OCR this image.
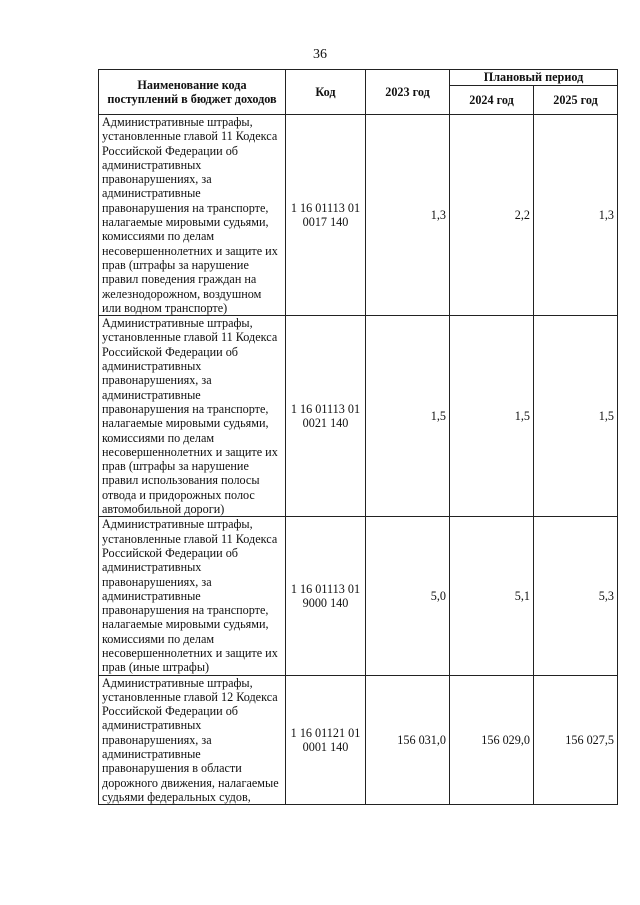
36
Наименование кода поступлений в бюджет доходов	Код	2023 год	Плановый период	
			2024 год	2025 год
Административные штрафы, установленные главой 11 Кодекса Российской Федерации об административных правонарушениях, за административные правонарушения на транспорте, налагаемые мировыми судьями, комиссиями по делам несовершеннолетних и защите их прав (штрафы за нарушение правил поведения граждан на железнодорожном, воздушном или водном транспорте)	1 16 01113 01 0017 140	1,3	2,2	1,3
Административные штрафы, установленные главой 11 Кодекса Российской Федерации об административных правонарушениях, за административные правонарушения на транспорте, налагаемые мировыми судьями, комиссиями по делам несовершеннолетних и защите их прав (штрафы за нарушение правил использования полосы отвода и придорожных полос автомобильной дороги)	1 16 01113 01 0021 140	1,5	1,5	1,5
Административные штрафы, установленные главой 11 Кодекса Российской Федерации об административных правонарушениях, за административные правонарушения на транспорте, налагаемые мировыми судьями, комиссиями по делам несовершеннолетних и защите их прав (иные штрафы)	1 16 01113 01 9000 140	5,0	5,1	5,3
Административные штрафы, установленные главой 12 Кодекса Российской Федерации об административных правонарушениях, за административные правонарушения в области дорожного движения, налагаемые судьями федеральных судов,	1 16 01121 01 0001 140	156 031,0	156 029,0	156 027,5
